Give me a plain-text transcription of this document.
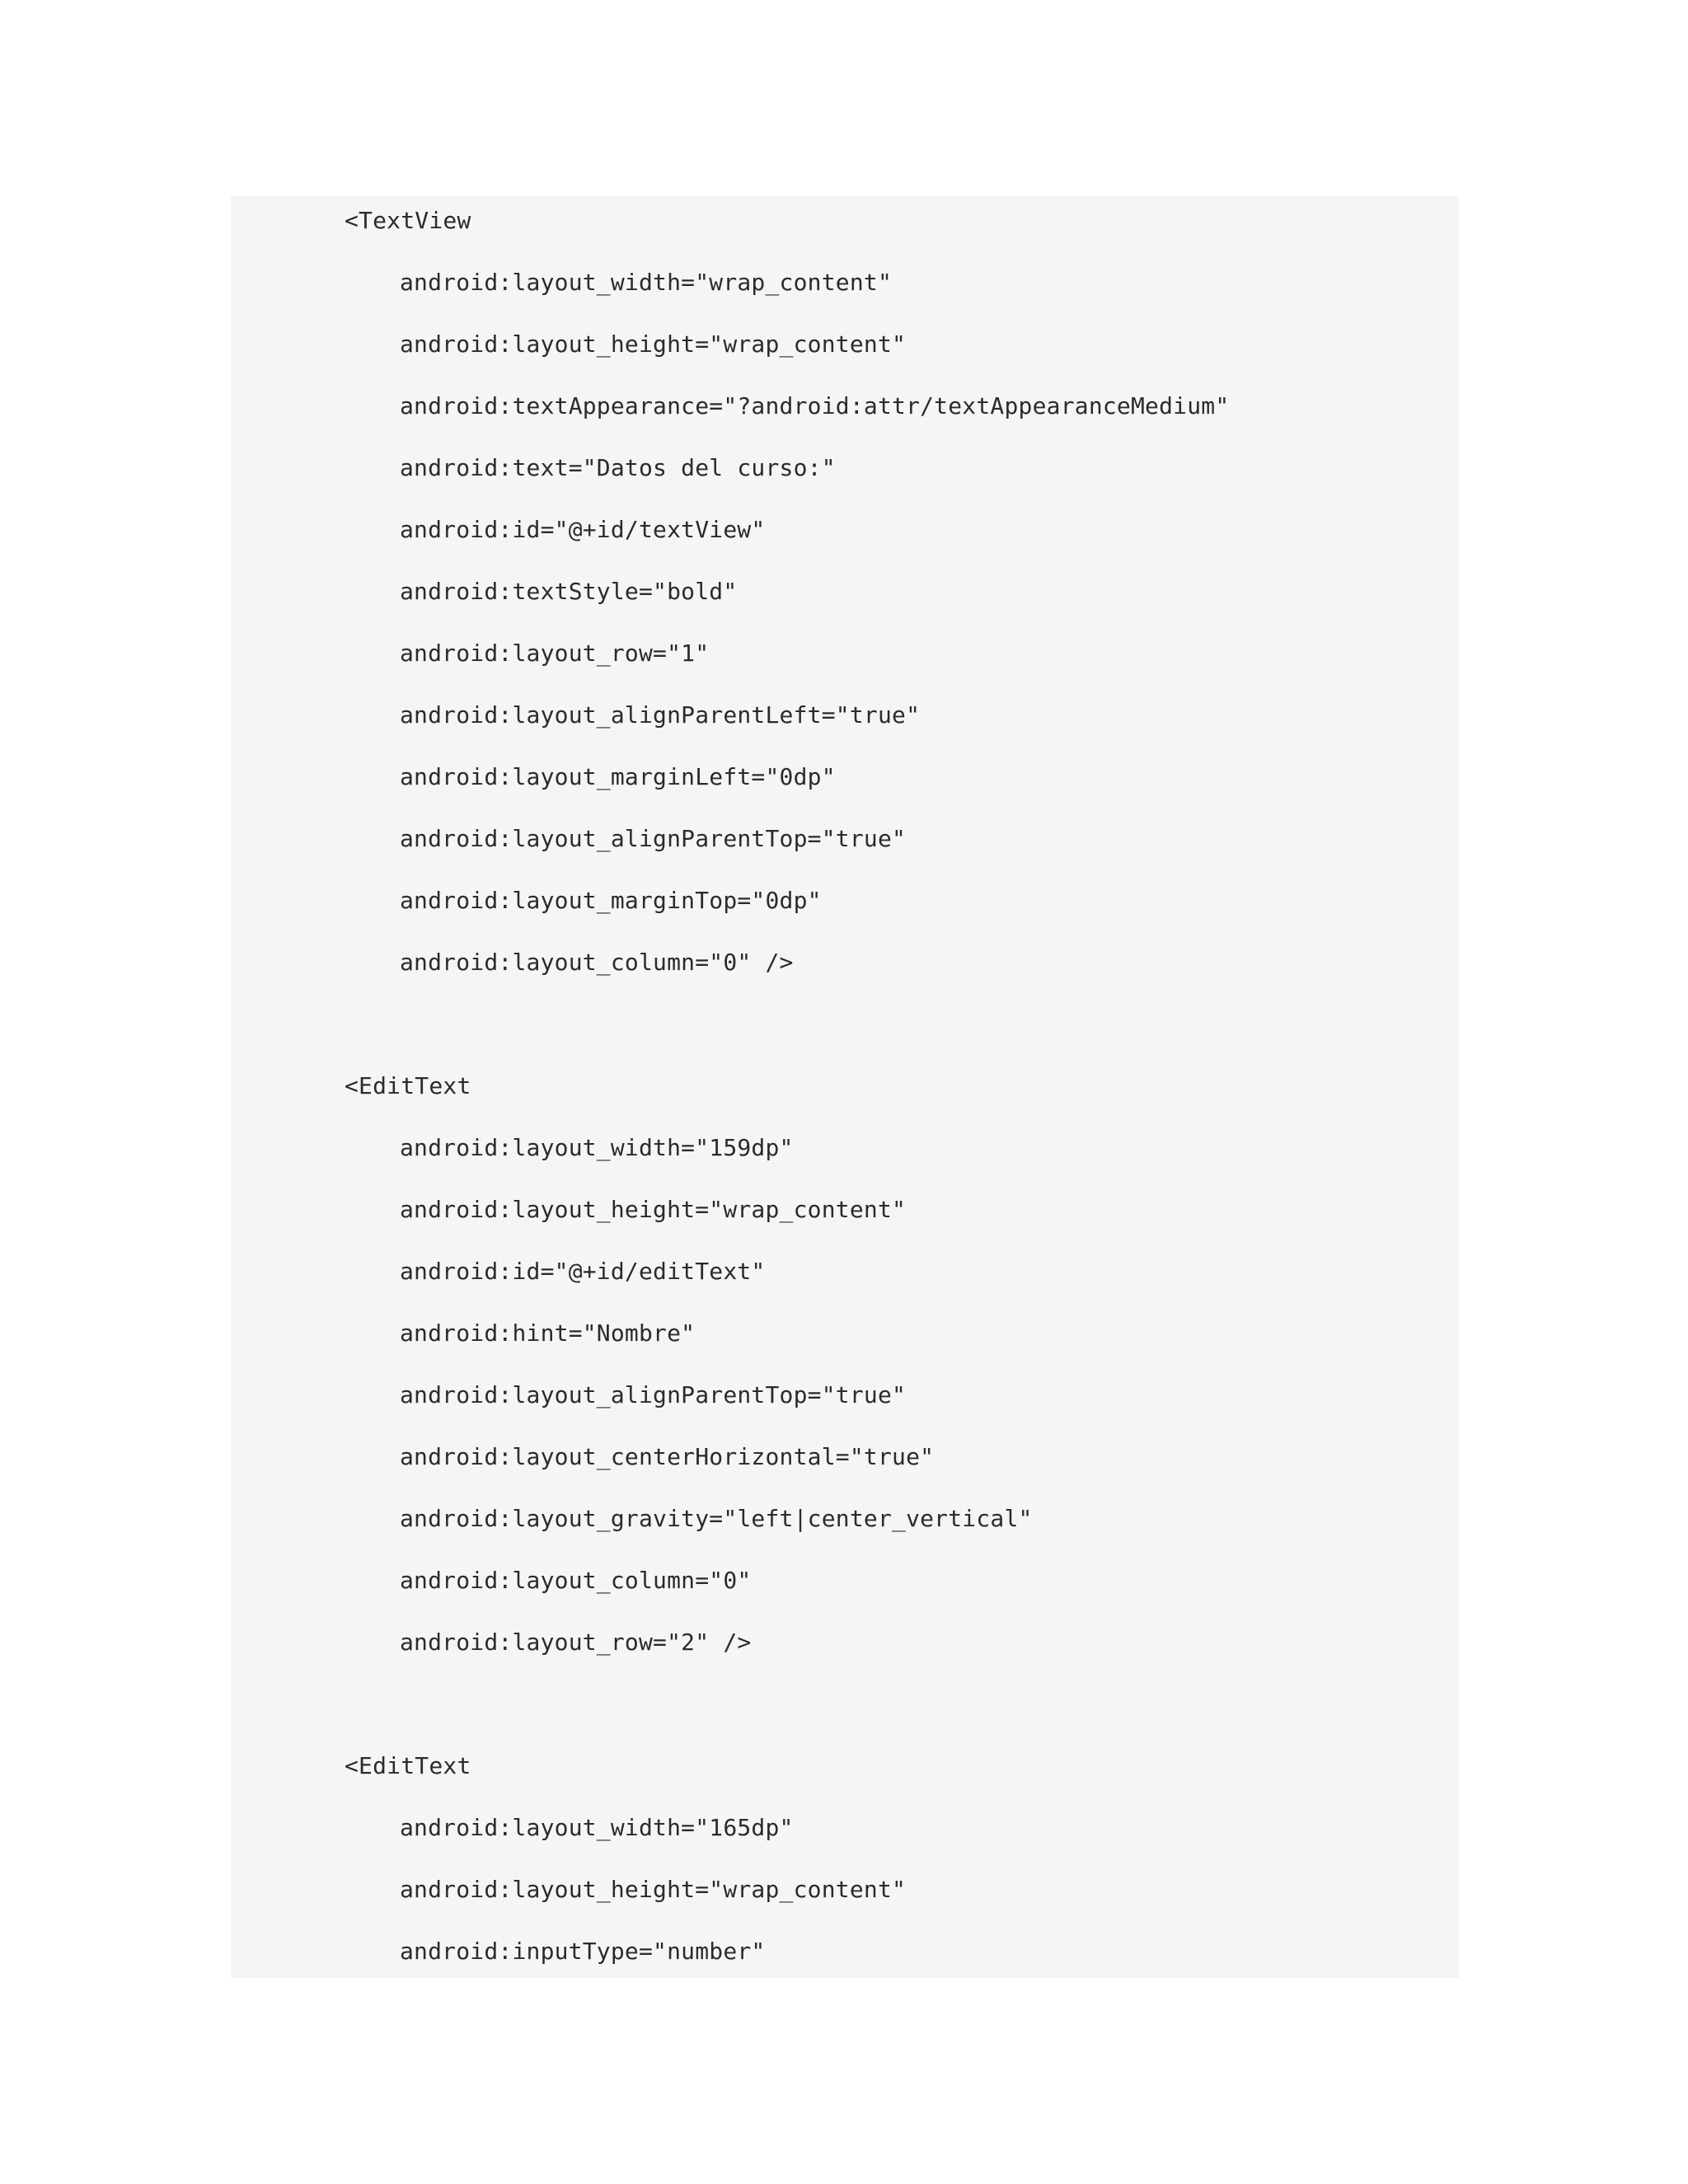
<TextView
android:layout_width="wrap_content"
android:layout_height="wrap_content"
android:textAppearance="?android:attr/textAppearanceMedium"
android:text="Datos del curso:"
android:id="@+id/textView"
android:textStyle="bold"
android:layout_row="1"
android:layout_alignParentLeft="true"
android:layout_marginLeft="0dp"
android:layout_alignParentTop="true"
android:layout_marginTop="0dp"
android:layout_column="0" />
<EditText
android:layout_width="159dp"
android:layout_height="wrap_content"
android:id="@+id/editText"
android:hint="Nombre"
android:layout_alignParentTop="true"
android:layout_centerHorizontal="true"
android:layout_gravity="left|center_vertical"
android:layout_column="0"
android:layout_row="2" />
<EditText
android:layout_width="165dp"
android:layout_height="wrap_content"
android:inputType="number"
